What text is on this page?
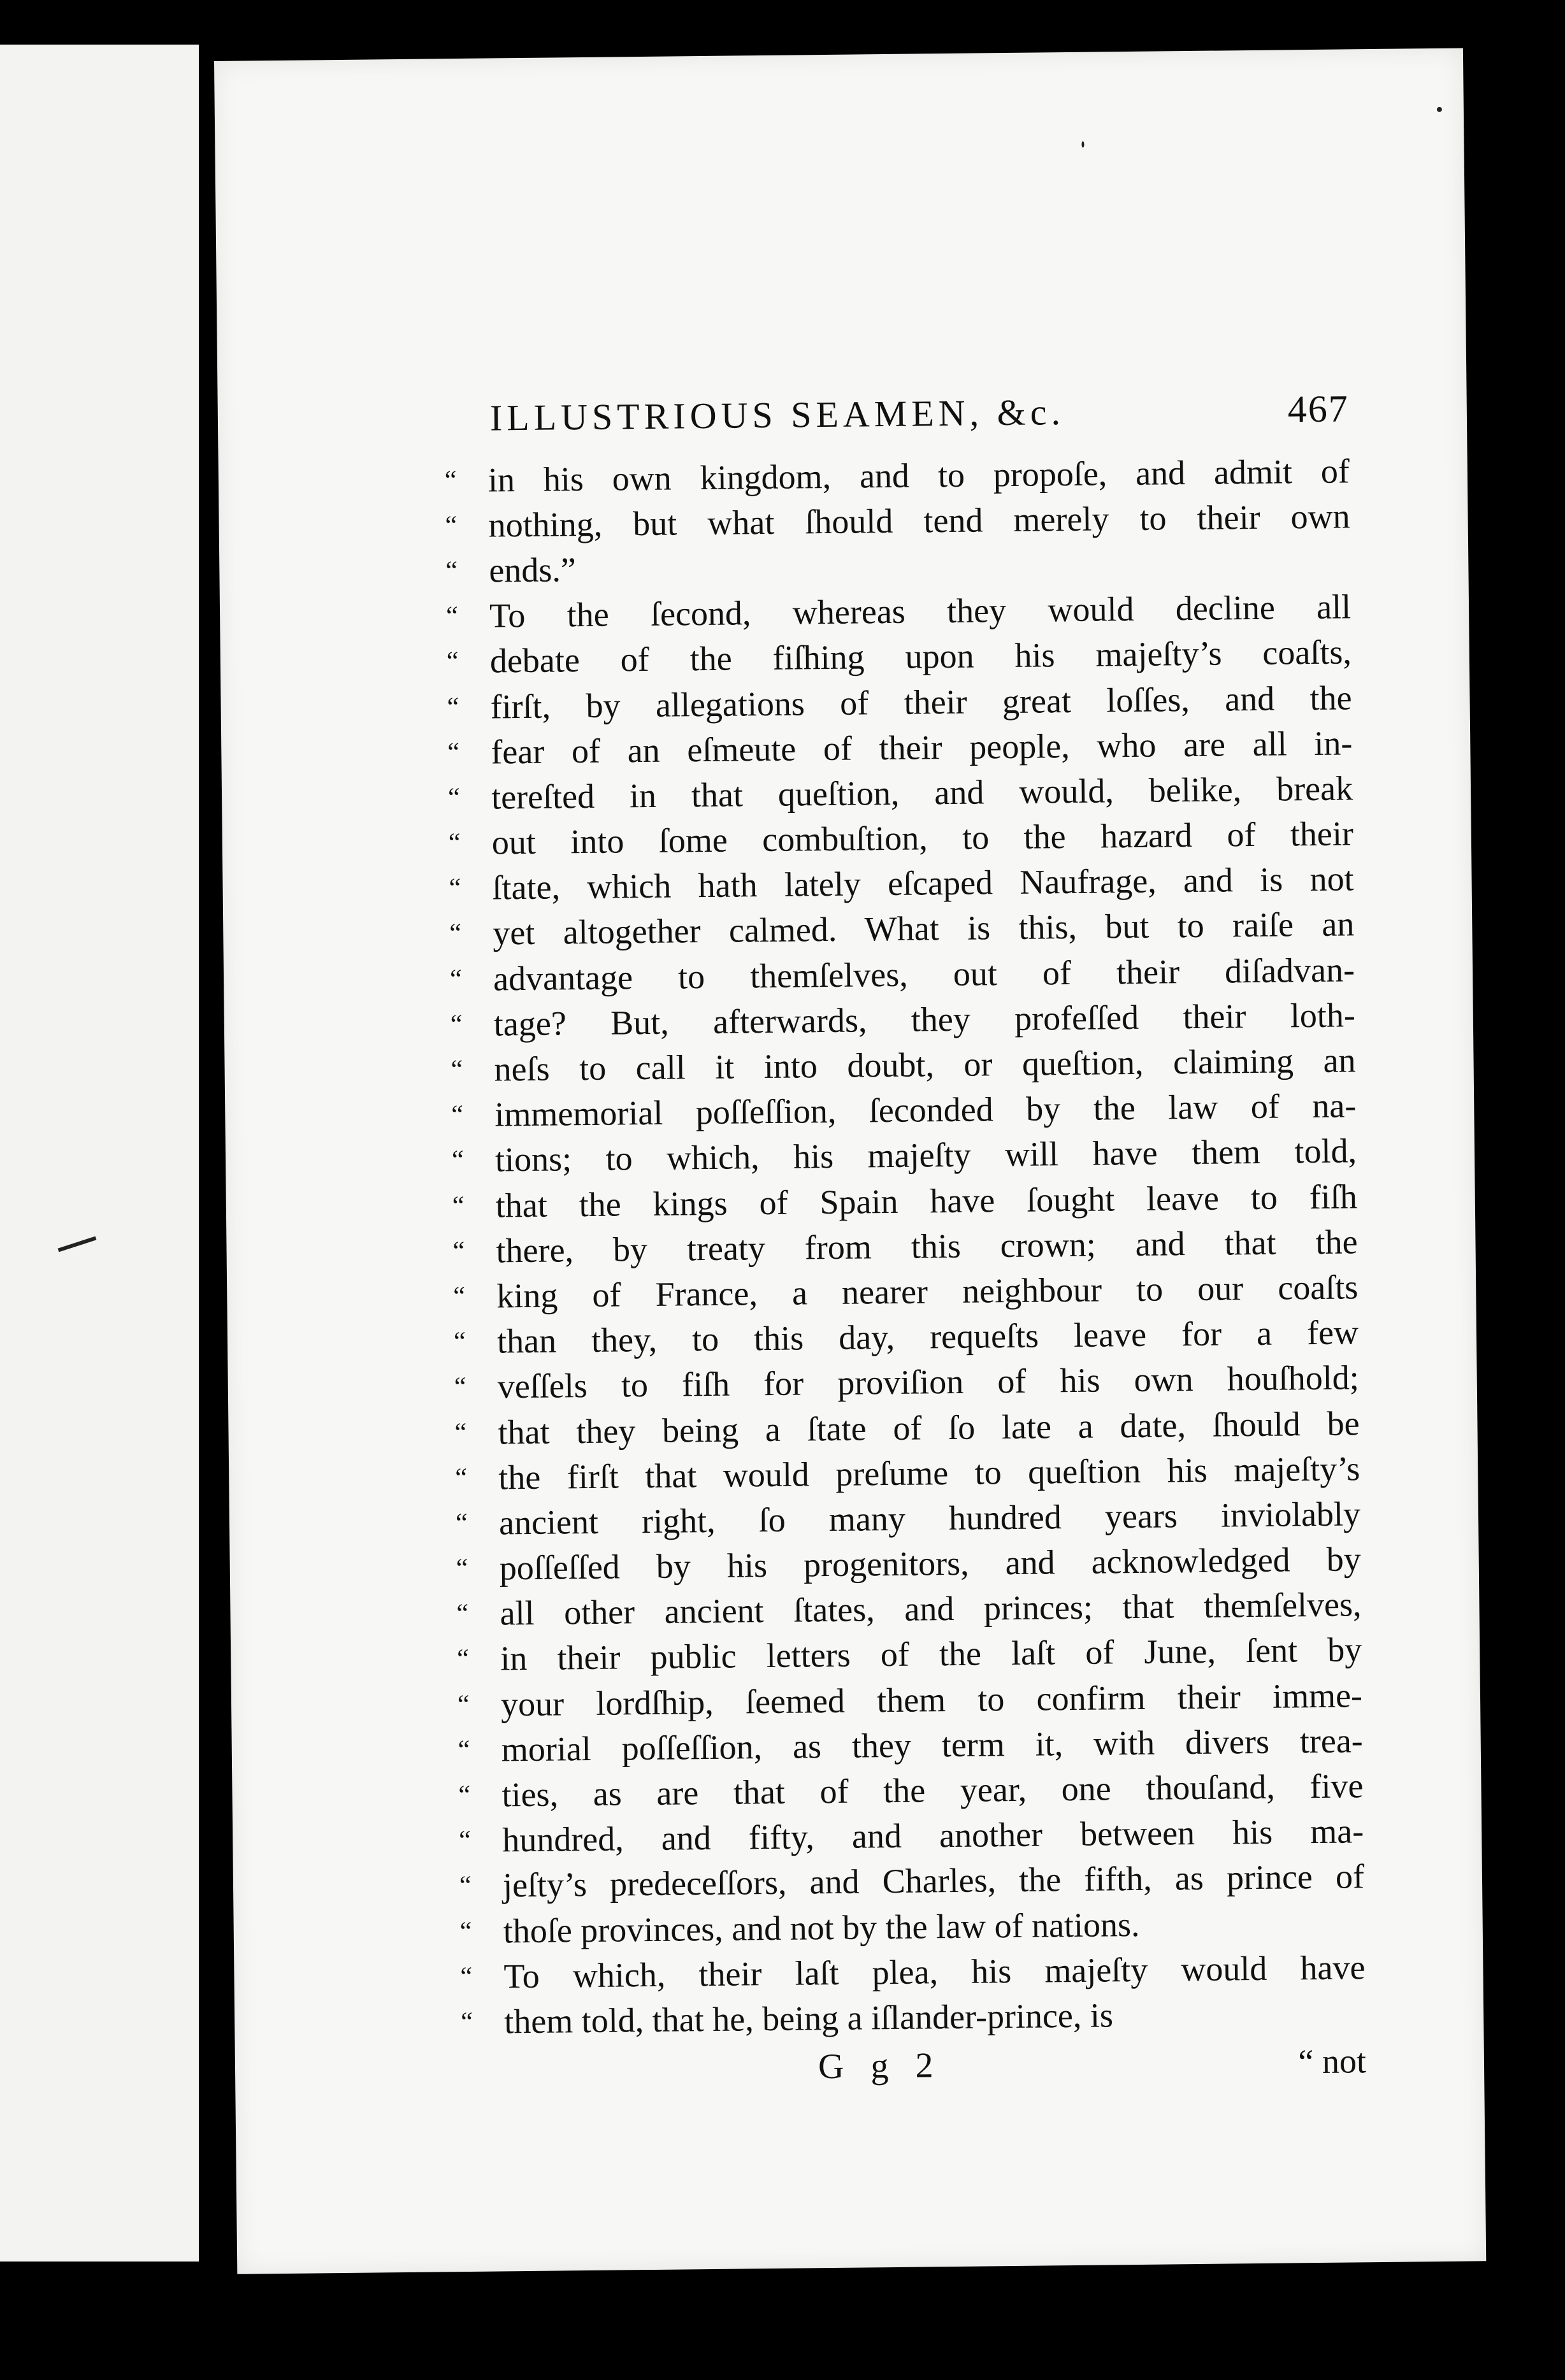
ILLUSTRIOUS SEAMEN, &c.	467
“ in his own kingdom, and to propoſe, and admit of
“ nothing, but what ſhould tend merely to their own
“ ends.”
“ To the ſecond, whereas they would decline all
“ debate of the fiſhing upon his majeſty’s coaſts,
“ firſt, by allegations of their great loſſes, and the
“ fear of an eſmeute of their people, who are all in-
“ tereſted in that queſtion, and would, belike, break
“ out into ſome combuſtion, to the hazard of their
“ ſtate, which hath lately eſcaped Naufrage, and is not
“ yet altogether calmed. What is this, but to raiſe an
“ advantage to themſelves, out of their diſadvan-
“ tage? But, afterwards, they profeſſed their loth-
“ neſs to call it into doubt, or queſtion, claiming an
“ immemorial poſſeſſion, ſeconded by the law of na-
“ tions; to which, his majeſty will have them told,
“ that the kings of Spain have ſought leave to fiſh
“ there, by treaty from this crown; and that the
“ king of France, a nearer neighbour to our coaſts
“ than they, to this day, requeſts leave for a few
“ veſſels to fiſh for proviſion of his own houſhold;
“ that they being a ſtate of ſo late a date, ſhould be
“ the firſt that would preſume to queſtion his majeſty’s
“ ancient right, ſo many hundred years inviolably
“ poſſeſſed by his progenitors, and acknowledged by
“ all other ancient ſtates, and princes; that themſelves,
“ in their public letters of the laſt of June, ſent by
“ your lordſhip, ſeemed them to confirm their imme-
“ morial poſſeſſion, as they term it, with divers trea-
“ ties, as are that of the year, one thouſand, five
“ hundred, and fifty, and another between his ma-
“ jeſty’s predeceſſors, and Charles, the fifth, as prince of
“ thoſe provinces, and not by the law of nations.
“ To which, their laſt plea, his majeſty would have
“ them told, that he, being a iſlander-prince, is
G g 2	“ not
